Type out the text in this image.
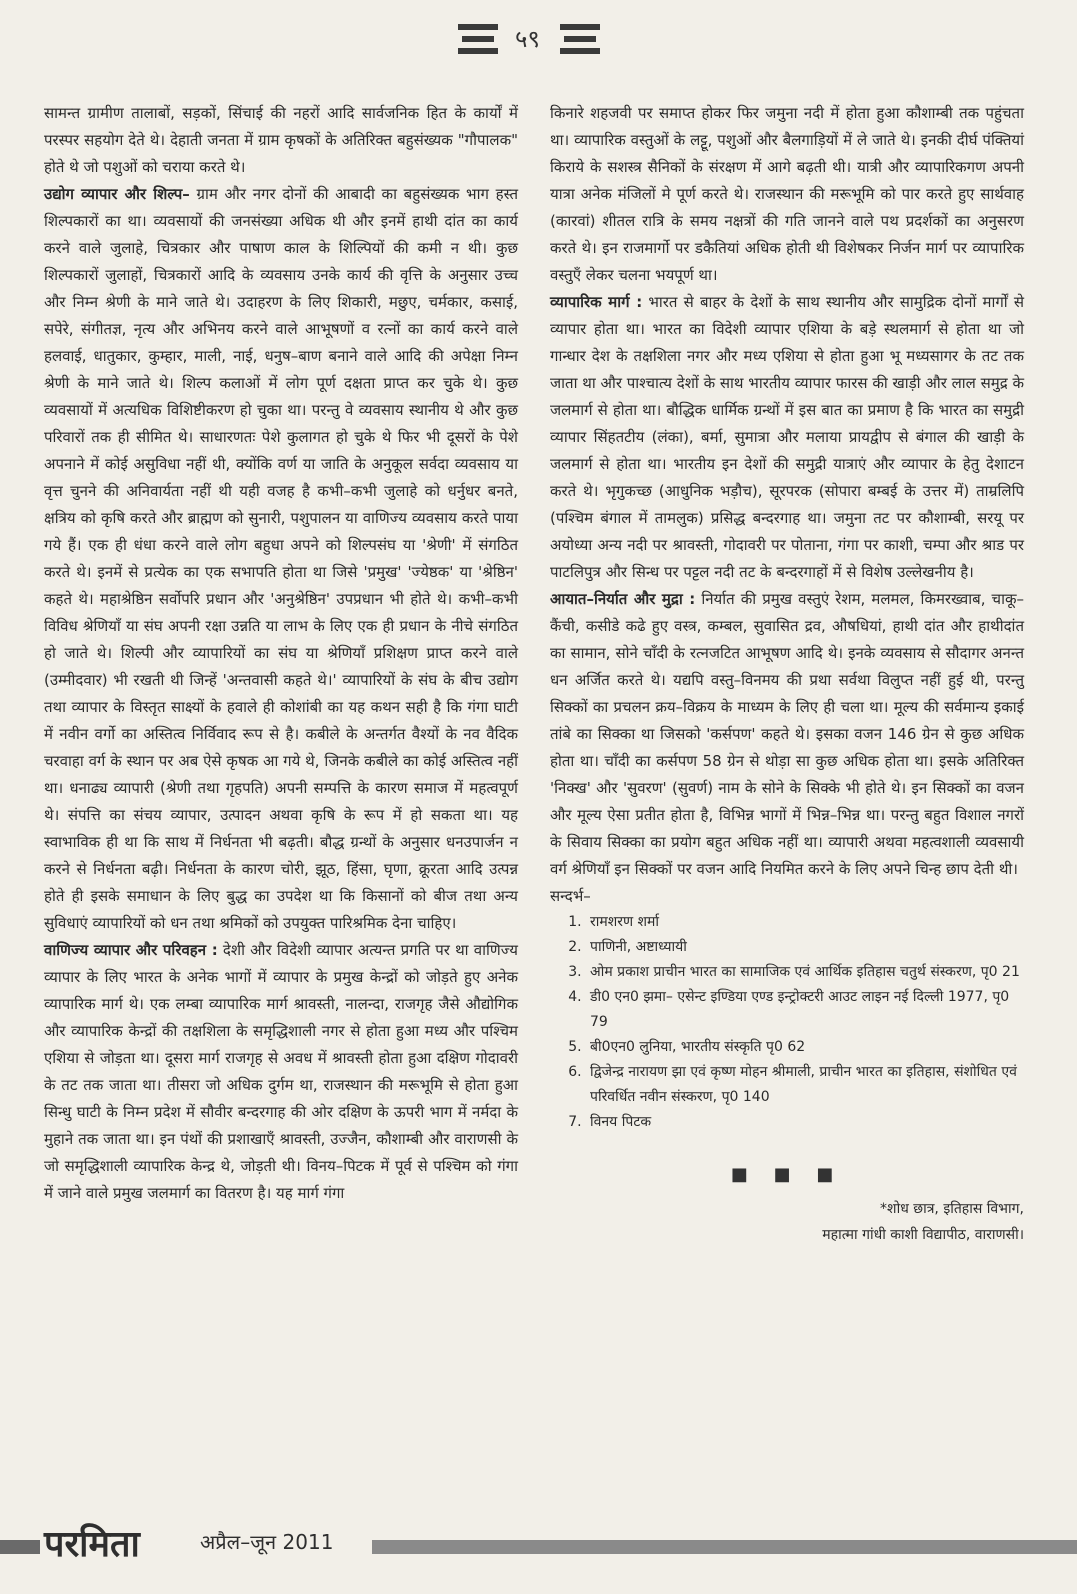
५९

सामन्त ग्रामीण तालाबों, सड़कों, सिंचाई की नहरों आदि सार्वजनिक हित के कार्यों में परस्पर सहयोग देते थे। देहाती जनता में ग्राम कृषकों के अतिरिक्त बहुसंख्यक "गौपालक" होते थे जो पशुओं को चराया करते थे।

उद्योग व्यापार और शिल्प– ग्राम और नगर दोनों की आबादी का बहुसंख्यक भाग हस्त शिल्पकारों का था। व्यवसायों की जनसंख्या अधिक थी और इनमें हाथी दांत का कार्य करने वाले जुलाहे, चित्रकार और पाषाण काल के शिल्पियों की कमी न थी। कुछ शिल्पकारों जुलाहों, चित्रकारों आदि के व्यवसाय उनके कार्य की वृत्ति के अनुसार उच्च और निम्न श्रेणी के माने जाते थे। उदाहरण के लिए शिकारी, मछुए, चर्मकार, कसाई, सपेरे, संगीतज्ञ, नृत्य और अभिनय करने वाले आभूषणों व रत्नों का कार्य करने वाले हलवाई, धातुकार, कुम्हार, माली, नाई, धनुष–बाण बनाने वाले आदि की अपेक्षा निम्न श्रेणी के माने जाते थे। शिल्प कलाओं में लोग पूर्ण दक्षता प्राप्त कर चुके थे। कुछ व्यवसायों में अत्यधिक विशिष्टीकरण हो चुका था। परन्तु वे व्यवसाय स्थानीय थे और कुछ परिवारों तक ही सीमित थे। साधारणतः पेशे कुलागत हो चुके थे फिर भी दूसरों के पेशे अपनाने में कोई असुविधा नहीं थी, क्योंकि वर्ण या जाति के अनुकूल सर्वदा व्यवसाय या वृत्त चुनने की अनिवार्यता नहीं थी यही वजह है कभी–कभी जुलाहे को धर्नुधर बनते, क्षत्रिय को कृषि करते और ब्राह्मण को सुनारी, पशुपालन या वाणिज्य व्यवसाय करते पाया गये हैं। एक ही धंधा करने वाले लोग बहुधा अपने को शिल्पसंघ या 'श्रेणी' में संगठित करते थे। इनमें से प्रत्येक का एक सभापति होता था जिसे 'प्रमुख' 'ज्येष्ठक' या 'श्रेष्ठिन' कहते थे। महाश्रेष्ठिन सर्वोपरि प्रधान और 'अनुश्रेष्ठिन' उपप्रधान भी होते थे। कभी–कभी विविध श्रेणियाँ या संघ अपनी रक्षा उन्नति या लाभ के लिए एक ही प्रधान के नीचे संगठित हो जाते थे। शिल्पी और व्यापारियों का संघ या श्रेणियाँ प्रशिक्षण प्राप्त करने वाले (उम्मीदवार) भी रखती थी जिन्हें 'अन्तवासी कहते थे।' व्यापारियों के संघ के बीच उद्योग तथा व्यापार के विस्तृत साक्ष्यों के हवाले ही कोशांबी का यह कथन सही है कि गंगा घाटी में नवीन वर्गो का अस्तित्व निर्विवाद रूप से है। कबीले के अन्तर्गत वैश्यों के नव वैदिक चरवाहा वर्ग के स्थान पर अब ऐसे कृषक आ गये थे, जिनके कबीले का कोई अस्तित्व नहीं था। धनाढ्य व्यापारी (श्रेणी तथा गृहपति) अपनी सम्पत्ति के कारण समाज में महत्वपूर्ण थे। संपत्ति का संचय व्यापार, उत्पादन अथवा कृषि के रूप में हो सकता था। यह स्वाभाविक ही था कि साथ में निर्धनता भी बढ़ती। बौद्ध ग्रन्थों के अनुसार धनउपार्जन न करने से निर्धनता बढ़ी। निर्धनता के कारण चोरी, झूठ, हिंसा, घृणा, क्रूरता आदि उत्पन्न होते ही इसके समाधान के लिए बुद्ध का उपदेश था कि किसानों को बीज तथा अन्य सुविधाएं व्यापारियों को धन तथा श्रमिकों को उपयुक्त पारिश्रमिक देना चाहिए।

वाणिज्य व्यापार और परिवहन : देशी और विदेशी व्यापार अत्यन्त प्रगति पर था वाणिज्य व्यापार के लिए भारत के अनेक भागों में व्यापार के प्रमुख केन्द्रों को जोड़ते हुए अनेक व्यापारिक मार्ग थे। एक लम्बा व्यापारिक मार्ग श्रावस्ती, नालन्दा, राजगृह जैसे औद्योगिक और व्यापारिक केन्द्रों की तक्षशिला के समृद्धिशाली नगर से होता हुआ मध्य और पश्चिम एशिया से जोड़ता था। दूसरा मार्ग राजगृह से अवध में श्रावस्ती होता हुआ दक्षिण गोदावरी के तट तक जाता था। तीसरा जो अधिक दुर्गम था, राजस्थान की मरूभूमि से होता हुआ सिन्धु घाटी के निम्न प्रदेश में सौवीर बन्दरगाह की ओर दक्षिण के ऊपरी भाग में नर्मदा के मुहाने तक जाता था। इन पंथों की प्रशाखाएँ श्रावस्ती, उज्जैन, कौशाम्बी और वाराणसी के जो समृद्धिशाली व्यापारिक केन्द्र थे, जोड़ती थी। विनय–पिटक में पूर्व से पश्चिम को गंगा में जाने वाले प्रमुख जलमार्ग का वितरण है। यह मार्ग गंगा

किनारे शहजवी पर समाप्त होकर फिर जमुना नदी में होता हुआ कौशाम्बी तक पहुंचता था। व्यापारिक वस्तुओं के लट्टू, पशुओं और बैलगाड़ियों में ले जाते थे। इनकी दीर्घ पंक्तियां किराये के सशस्त्र सैनिकों के संरक्षण में आगे बढ़ती थी। यात्री और व्यापारिकगण अपनी यात्रा अनेक मंजिलों मे पूर्ण करते थे। राजस्थान की मरूभूमि को पार करते हुए सार्थवाह (कारवां) शीतल रात्रि के समय नक्षत्रों की गति जानने वाले पथ प्रदर्शकों का अनुसरण करते थे। इन राजमार्गो पर डकैतियां अधिक होती थी विशेषकर निर्जन मार्ग पर व्यापारिक वस्तुएँ लेकर चलना भयपूर्ण था।

व्यापारिक मार्ग : भारत से बाहर के देशों के साथ स्थानीय और सामुद्रिक दोनों मार्गों से व्यापार होता था। भारत का विदेशी व्यापार एशिया के बड़े स्थलमार्ग से होता था जो गान्धार देश के तक्षशिला नगर और मध्य एशिया से होता हुआ भू मध्यसागर के तट तक जाता था और पाश्चात्य देशों के साथ भारतीय व्यापार फारस की खाड़ी और लाल समुद्र के जलमार्ग से होता था। बौद्धिक धार्मिक ग्रन्थों में इस बात का प्रमाण है कि भारत का समुद्री व्यापार सिंहतटीय (लंका), बर्मा, सुमात्रा और मलाया प्रायद्वीप से बंगाल की खाड़ी के जलमार्ग से होता था। भारतीय इन देशों की समुद्री यात्राएं और व्यापार के हेतु देशाटन करते थे। भृगुकच्छ (आधुनिक भड़ौच), सूरपरक (सोपारा बम्बई के उत्तर में) ताम्रलिपि (पश्चिम बंगाल में तामलुक) प्रसिद्ध बन्दरगाह था। जमुना तट पर कौशाम्बी, सरयू पर अयोध्या अन्य नदी पर श्रावस्ती, गोदावरी पर पोताना, गंगा पर काशी, चम्पा और श्राड पर पाटलिपुत्र और सिन्ध पर पट्टल नदी तट के बन्दरगाहों में से विशेष उल्लेखनीय है।

आयात–निर्यात और मुद्रा : निर्यात की प्रमुख वस्तुएं रेशम, मलमल, किमरख्वाब, चाकू–कैंची, कसीडे कढे हुए वस्त्र, कम्बल, सुवासित द्रव, औषधियां, हाथी दांत और हाथीदांत का सामान, सोने चाँदी के रत्नजटित आभूषण आदि थे। इनके व्यवसाय से सौदागर अनन्त धन अर्जित करते थे। यद्यपि वस्तु–विनमय की प्रथा सर्वथा विलुप्त नहीं हुई थी, परन्तु सिक्कों का प्रचलन क्रय–विक्रय के माध्यम के लिए ही चला था। मूल्य की सर्वमान्य इकाई तांबे का सिक्का था जिसको 'कर्सपण' कहते थे। इसका वजन 146 ग्रेन से कुछ अधिक होता था। चाँदी का कर्सपण 58 ग्रेन से थोड़ा सा कुछ अधिक होता था। इसके अतिरिक्त 'निक्ख' और 'सुवरण' (सुवर्ण) नाम के सोने के सिक्के भी होते थे। इन सिक्कों का वजन और मूल्य ऐसा प्रतीत होता है, विभिन्न भागों में भिन्न–भिन्न था। परन्तु बहुत विशाल नगरों के सिवाय सिक्का का प्रयोग बहुत अधिक नहीं था। व्यापारी अथवा महत्वशाली व्यवसायी वर्ग श्रेणियाँ इन सिक्कों पर वजन आदि नियमित करने के लिए अपने चिन्ह छाप देती थी।

सन्दर्भ–

1. रामशरण शर्मा
2. पाणिनी, अष्टाध्यायी
3. ओम प्रकाश प्राचीन भारत का सामाजिक एवं आर्थिक इतिहास चतुर्थ संस्करण, पृ0 21
4. डी0 एन0 झमा– एसेन्ट इण्डिया एण्ड इन्ट्रोक्टरी आउट लाइन नई दिल्ली 1977, पृ0 79
5. बी0एन0 लुनिया, भारतीय संस्कृति पृ0 62
6. द्विजेन्द्र नारायण झा एवं कृष्ण मोहन श्रीमाली, प्राचीन भारत का इतिहास, संशोधित एवं परिवर्धित नवीन संस्करण, पृ0 140
7. विनय पिटक
■ ■ ■
*शोध छात्र, इतिहास विभाग,
महात्मा गांधी काशी विद्यापीठ, वाराणसी।
परमिता	अप्रैल–जून 2011
